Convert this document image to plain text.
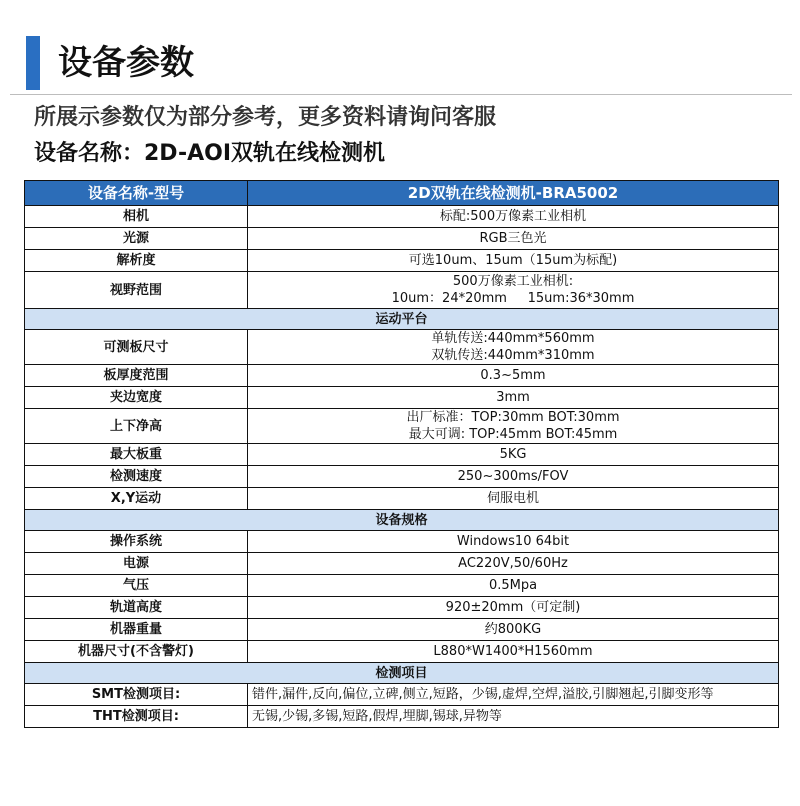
设备参数
所展示参数仅为部分参考，更多资料请询问客服
设备名称：2D-AOI双轨在线检测机
设备名称-型号	2D双轨在线检测机-BRA5002
相机	标配:500万像素工业相机
光源	RGB三色光
解析度	可选10um、15um（15um为标配)
视野范围	500万像素工业相机:
10um：24*20mm     15um:36*30mm

运动平台	
可测板尺寸	单轨传送:440mm*560mm
双轨传送:440mm*310mm

板厚度范围	0.3~5mm
夹边宽度	3mm
上下净高	出厂标准：TOP:30mm BOT:30mm
最大可调: TOP:45mm BOT:45mm

最大板重	5KG
检测速度	250~300ms/FOV
X,Y运动	伺服电机
设备规格	
操作系统	Windows10 64bit
电源	AC220V,50/60Hz
气压	0.5Mpa
轨道高度	920±20mm（可定制)
机器重量	约800KG
机器尺寸(不含警灯)	L880*W1400*H1560mm
检测项目	
SMT检测项目:	错件,漏件,反向,偏位,立碑,侧立,短路，少锡,虚焊,空焊,溢胶,引脚翘起,引脚变形等
THT检测项目:	无锡,少锡,多锡,短路,假焊,埋脚,锡球,异物等
